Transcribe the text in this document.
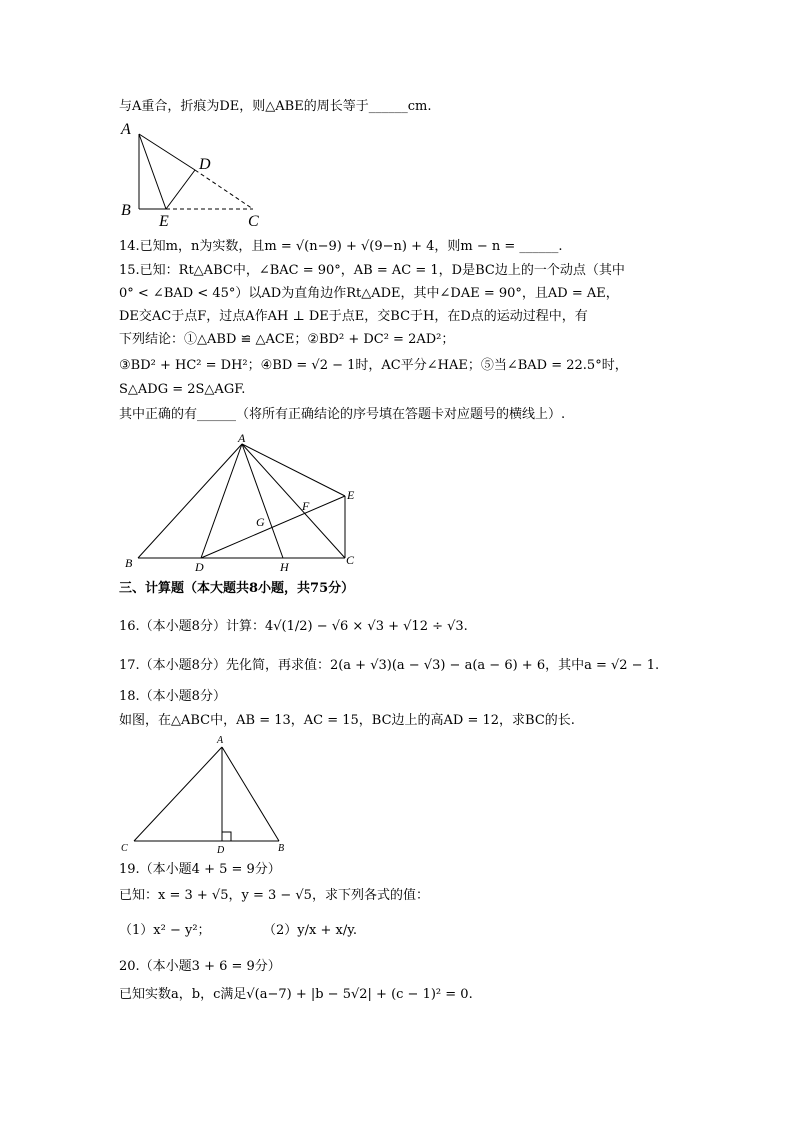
与A重合，折痕为DE，则△ABE的周长等于______cm.
A
B
C
D
E
14.已知m，n为实数，且m = √(n−9) + √(9−n) + 4，则m − n = ______.
15.已知：Rt△ABC中，∠BAC = 90°，AB = AC = 1，D是BC边上的一个动点（其中
0° < ∠BAD < 45°）以AD为直角边作Rt△ADE，其中∠DAE = 90°，且AD = AE，
DE交AC于点F，过点A作AH ⊥ DE于点E，交BC于H，在D点的运动过程中，有
下列结论：①△ABD ≌ △ACE；②BD² + DC² = 2AD²；
③BD² + HC² = DH²；④BD = √2 − 1时，AC平分∠HAE；⑤当∠BAD = 22.5°时，
S△ADG = 2S△AGF.
其中正确的有______（将所有正确结论的序号填在答题卡对应题号的横线上）.
A
B	C
D
E
F
G
H
三、计算题（本大题共8小题，共75分）
16.（本小题8分）计算：4√(1/2) − √6 × √3 + √12 ÷ √3.
17.（本小题8分）先化简，再求值：2(a + √3)(a − √3) − a(a − 6) + 6，其中a = √2 − 1.
18.（本小题8分）
如图，在△ABC中，AB = 13，AC = 15，BC边上的高AD = 12，求BC的长.
A
B
C	D
19.（本小题4 + 5 = 9分）
已知：x = 3 + √5，y = 3 − √5，求下列各式的值：
（1）x² − y²；	（2）y/x + x/y.
20.（本小题3 + 6 = 9分）
已知实数a，b，c满足√(a−7) + |b − 5√2| + (c − 1)² = 0.
